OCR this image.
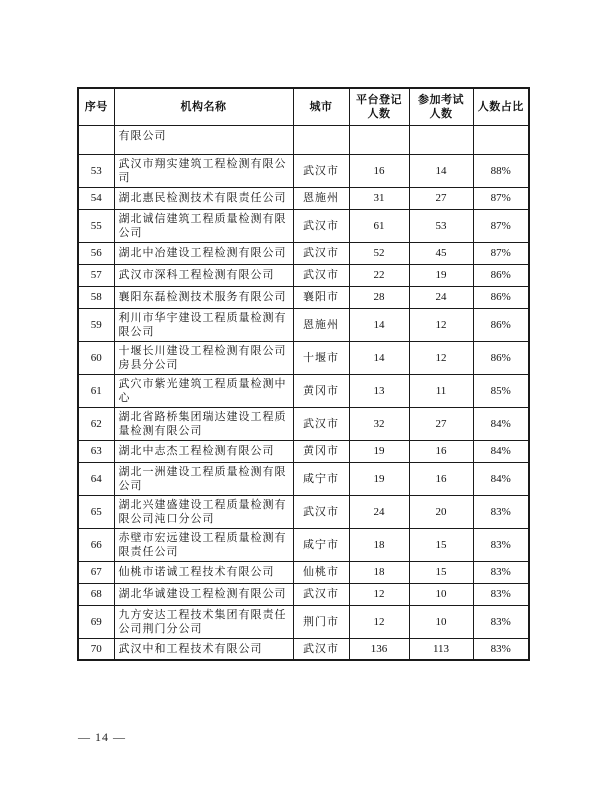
序号	机构名称	城市	平台登记人数	参加考试人数	人数占比
	有限公司				
53	武汉市翔实建筑工程检测有限公司	武汉市	16	14	88%
54	湖北惠民检测技术有限责任公司	恩施州	31	27	87%
55	湖北诚信建筑工程质量检测有限公司	武汉市	61	53	87%
56	湖北中冶建设工程检测有限公司	武汉市	52	45	87%
57	武汉市深科工程检测有限公司	武汉市	22	19	86%
58	襄阳东磊检测技术服务有限公司	襄阳市	28	24	86%
59	利川市华宇建设工程质量检测有限公司	恩施州	14	12	86%
60	十堰长川建设工程检测有限公司房县分公司	十堰市	14	12	86%
61	武穴市紫光建筑工程质量检测中心	黄冈市	13	11	85%
62	湖北省路桥集团瑞达建设工程质量检测有限公司	武汉市	32	27	84%
63	湖北中志杰工程检测有限公司	黄冈市	19	16	84%
64	湖北一洲建设工程质量检测有限公司	咸宁市	19	16	84%
65	湖北兴建盛建设工程质量检测有限公司沌口分公司	武汉市	24	20	83%
66	赤壁市宏远建设工程质量检测有限责任公司	咸宁市	18	15	83%
67	仙桃市诺诚工程技术有限公司	仙桃市	18	15	83%
68	湖北华诚建设工程检测有限公司	武汉市	12	10	83%
69	九方安达工程技术集团有限责任公司荆门分公司	荆门市	12	10	83%
70	武汉中和工程技术有限公司	武汉市	136	113	83%
— 14 —
